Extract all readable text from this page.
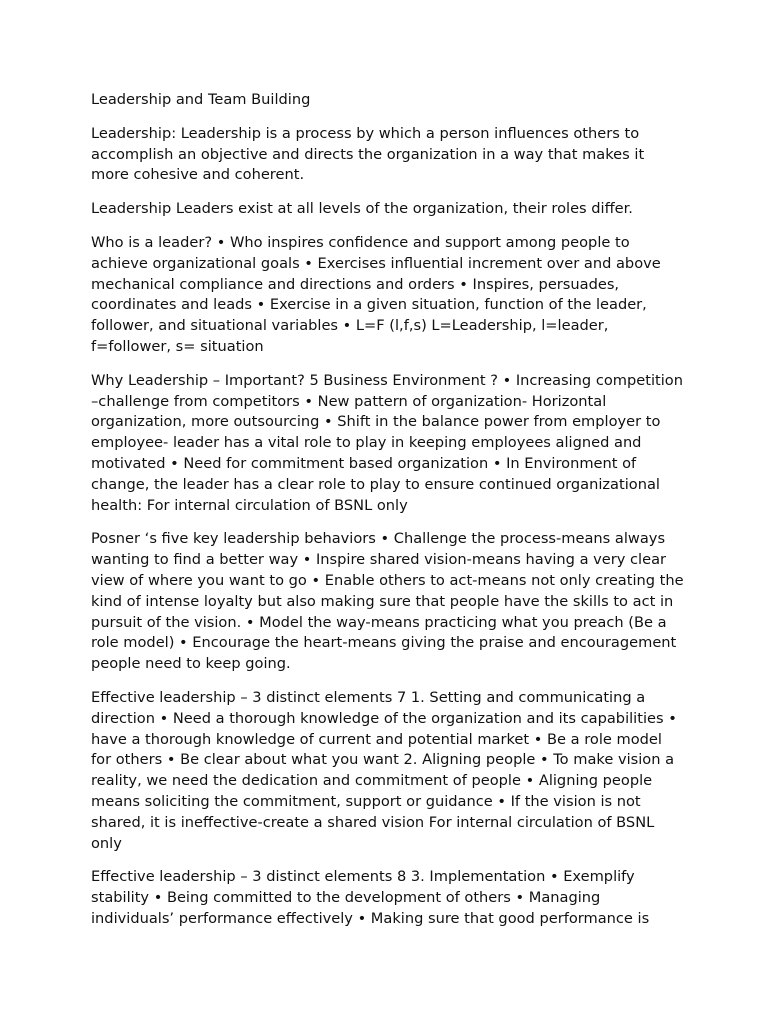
Leadership and Team Building

Leadership: Leadership is a process by which a person influences others to accomplish an objective and directs the organization in a way that makes it more cohesive and coherent.

Leadership Leaders exist at all levels of the organization, their roles differ.

Who is a leader? • Who inspires confidence and support among people to achieve organizational goals • Exercises influential increment over and above mechanical compliance and directions and orders • Inspires, persuades, coordinates and leads • Exercise in a given situation, function of the leader, follower, and situational variables • L=F (l,f,s) L=Leadership, l=leader, f=follower, s= situation

Why Leadership – Important? 5 Business Environment ? • Increasing competition –challenge from competitors • New pattern of organization- Horizontal organization, more outsourcing • Shift in the balance power from employer to employee- leader has a vital role to play in keeping employees aligned and motivated • Need for commitment based organization • In Environment of change, the leader has a clear role to play to ensure continued organizational health: For internal circulation of BSNL only

Posner ‘s five key leadership behaviors • Challenge the process-means always wanting to find a better way • Inspire shared vision-means having a very clear view of where you want to go • Enable others to act-means not only creating the kind of intense loyalty but also making sure that people have the skills to act in pursuit of the vision. • Model the way-means practicing what you preach (Be a role model) • Encourage the heart-means giving the praise and encouragement people need to keep going.

Effective leadership – 3 distinct elements 7 1. Setting and communicating a direction • Need a thorough knowledge of the organization and its capabilities • have a thorough knowledge of current and potential market • Be a role model for others • Be clear about what you want 2. Aligning people • To make vision a reality, we need the dedication and commitment of people • Aligning people means soliciting the commitment, support or guidance • If the vision is not shared, it is ineffective-create a shared vision For internal circulation of BSNL only

Effective leadership – 3 distinct elements 8 3. Implementation • Exemplify stability • Being committed to the development of others • Managing individuals’ performance effectively • Making sure that good performance is
